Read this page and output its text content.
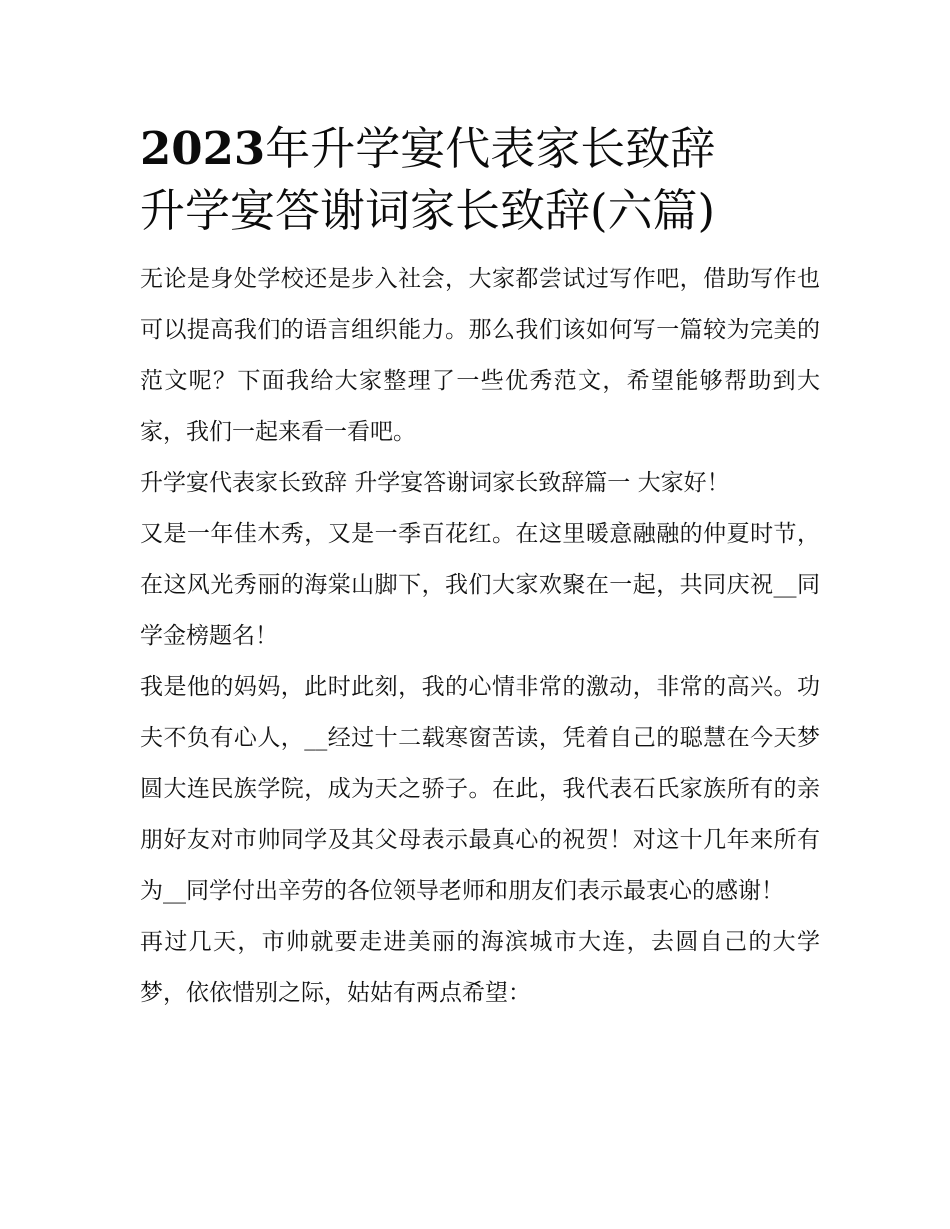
2023年升学宴代表家长致辞
升学宴答谢词家长致辞(六篇)

无论是身处学校还是步入社会，大家都尝试过写作吧，借助写作也可以提高我们的语言组织能力。那么我们该如何写一篇较为完美的范文呢？下面我给大家整理了一些优秀范文，希望能够帮助到大家，我们一起来看一看吧。

升学宴代表家长致辞 升学宴答谢词家长致辞篇一 大家好！

又是一年佳木秀，又是一季百花红。在这里暖意融融的仲夏时节，在这风光秀丽的海棠山脚下，我们大家欢聚在一起，共同庆祝__同学金榜题名！

我是他的妈妈，此时此刻，我的心情非常的激动，非常的高兴。功夫不负有心人，__经过十二载寒窗苦读，凭着自己的聪慧在今天梦圆大连民族学院，成为天之骄子。在此，我代表石氏家族所有的亲朋好友对市帅同学及其父母表示最真心的祝贺！对这十几年来所有为__同学付出辛劳的各位领导老师和朋友们表示最衷心的感谢！

再过几天，市帅就要走进美丽的海滨城市大连，去圆自己的大学梦，依依惜别之际，姑姑有两点希望：
